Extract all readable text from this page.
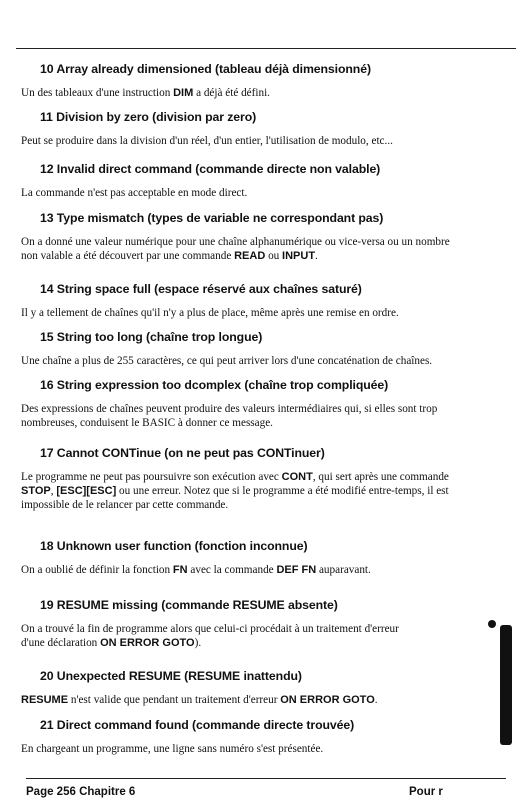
10 Array already dimensioned (tableau déjà dimensionné)
Un des tableaux d'une instruction DIM a déjà été défini.
11 Division by zero (division par zero)
Peut se produire dans la division d'un réel, d'un entier, l'utilisation de modulo, etc...
12 Invalid direct command (commande directe non valable)
La commande n'est pas acceptable en mode direct.
13 Type mismatch (types de variable ne correspondant pas)
On a donné une valeur numérique pour une chaîne alphanumérique ou vice-versa ou un nombre
non valable a été découvert par une commande READ ou INPUT.
14 String space full (espace réservé aux chaînes saturé)
Il y a tellement de chaînes qu'il n'y a plus de place, même après une remise en ordre.
15 String too long (chaîne trop longue)
Une chaîne a plus de 255 caractères, ce qui peut arriver lors d'une concaténation de chaînes.
16 String expression too dcomplex (chaîne trop compliquée)
Des expressions de chaînes peuvent produire des valeurs intermédiaires qui, si elles sont trop
nombreuses, conduisent le BASIC à donner ce message.
17 Cannot CONTinue (on ne peut pas CONTinuer)
Le programme ne peut pas poursuivre son exécution avec CONT, qui sert après une commande
STOP, [ESC][ESC] ou une erreur. Notez que si le programme a été modifié entre-temps, il est
impossible de le relancer par cette commande.
18 Unknown user function (fonction inconnue)
On a oublié de définir la fonction FN avec la commande DEF FN auparavant.
19 RESUME missing (commande RESUME absente)
On a trouvé la fin de programme alors que celui-ci procédait à un traitement d'erreur
d'une déclaration ON ERROR GOTO).
20 Unexpected RESUME (RESUME inattendu)
RESUME n'est valide que pendant un traitement d'erreur ON ERROR GOTO.
21 Direct command found (commande directe trouvée)
En chargeant un programme, une ligne sans numéro s'est présentée.
Page 256 Chapitre 6	Pour r
